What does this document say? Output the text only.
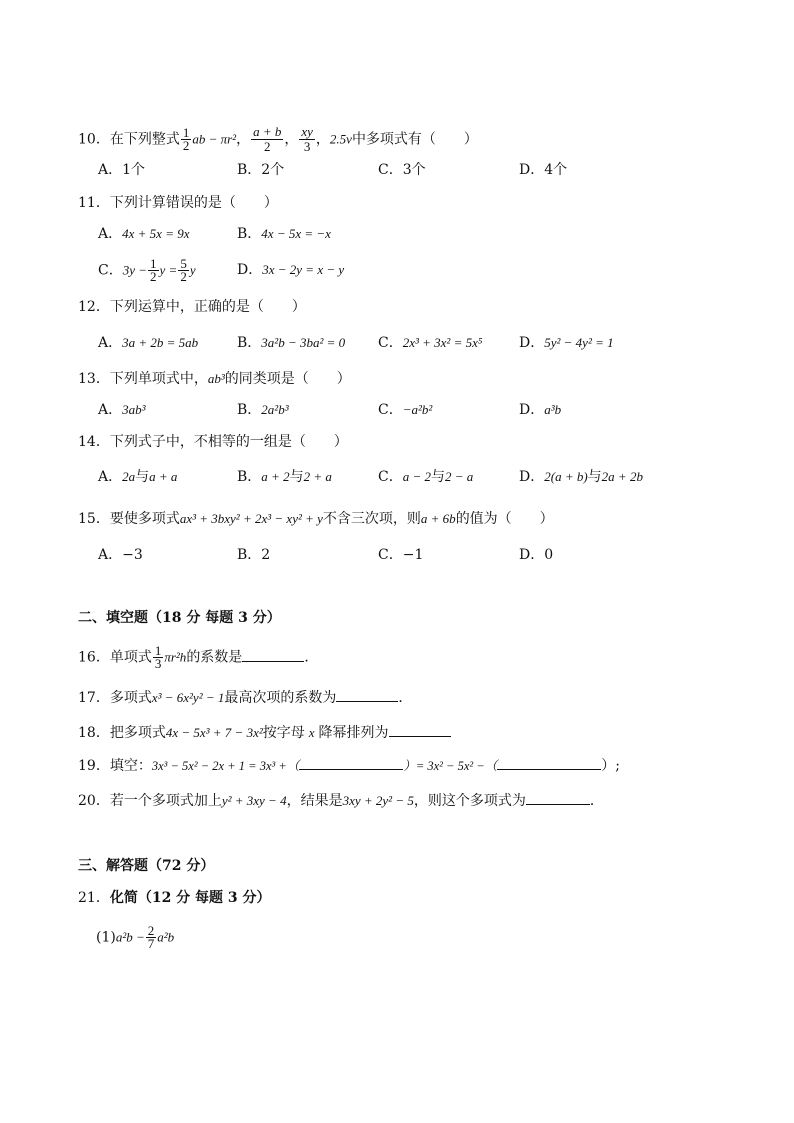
10．在下列整式 $\frac{1}{2}$ ab − πr²， $\frac{a + b}{2}$ ， $\frac{xy}{3}$ ，2.5v中多项式有（　　）
A．1个	B．2个	C．3个	D．4个
11．下列计算错误的是（　　）
A．4x + 5x = 9x	B．4x − 5x = −x
C．$3y - \frac{1}{2}$ $y = \frac{5}{2}$ y	D．3x − 2y = x − y
12．下列运算中，正确的是（　　）
A．3a + 2b = 5ab	B．3a²b − 3ba² = 0 C．2x³ + 3x² = 5x⁵	D．5y² − 4y² = 1
13．下列单项式中，ab³的同类项是（　　）
A．3ab³	B．2a²b³	C．−a²b²	D．a³b
14．下列式子中，不相等的一组是（　　）
A．2a与a + a	B．a + 2与2 + a	C．a − 2与2 − a	D．2(a + b)与2a + 2b
15．要使多项式ax³ + 3bxy² + 2x³ − xy² + y不含三次项，则a + 6b的值为（　　）
A．−3	B．2	C．−1	D．0
二、填空题（18 分 每题 3 分）
16．单项式 $\frac{1}{3} \pi r^2h$的系数是	．
17．多项式x³ − 6x²y² − 1最高次项的系数为	．
18．把多项式4x − 5x³ + 7 − 3x²按字母 x 降幂排列为
19．填空：3x³ − 5x² − 2x + 1 = 3x³ +（	）= 3x² − 5x² −（	）;
20．若一个多项式加上y² + 3xy − 4，结果是3xy + 2y² − 5，则这个多项式为	．
三、解答题（72 分）
21．化简（12 分 每题 3 分）
$(1)a^2b - \frac{2}{7} a^2b$
